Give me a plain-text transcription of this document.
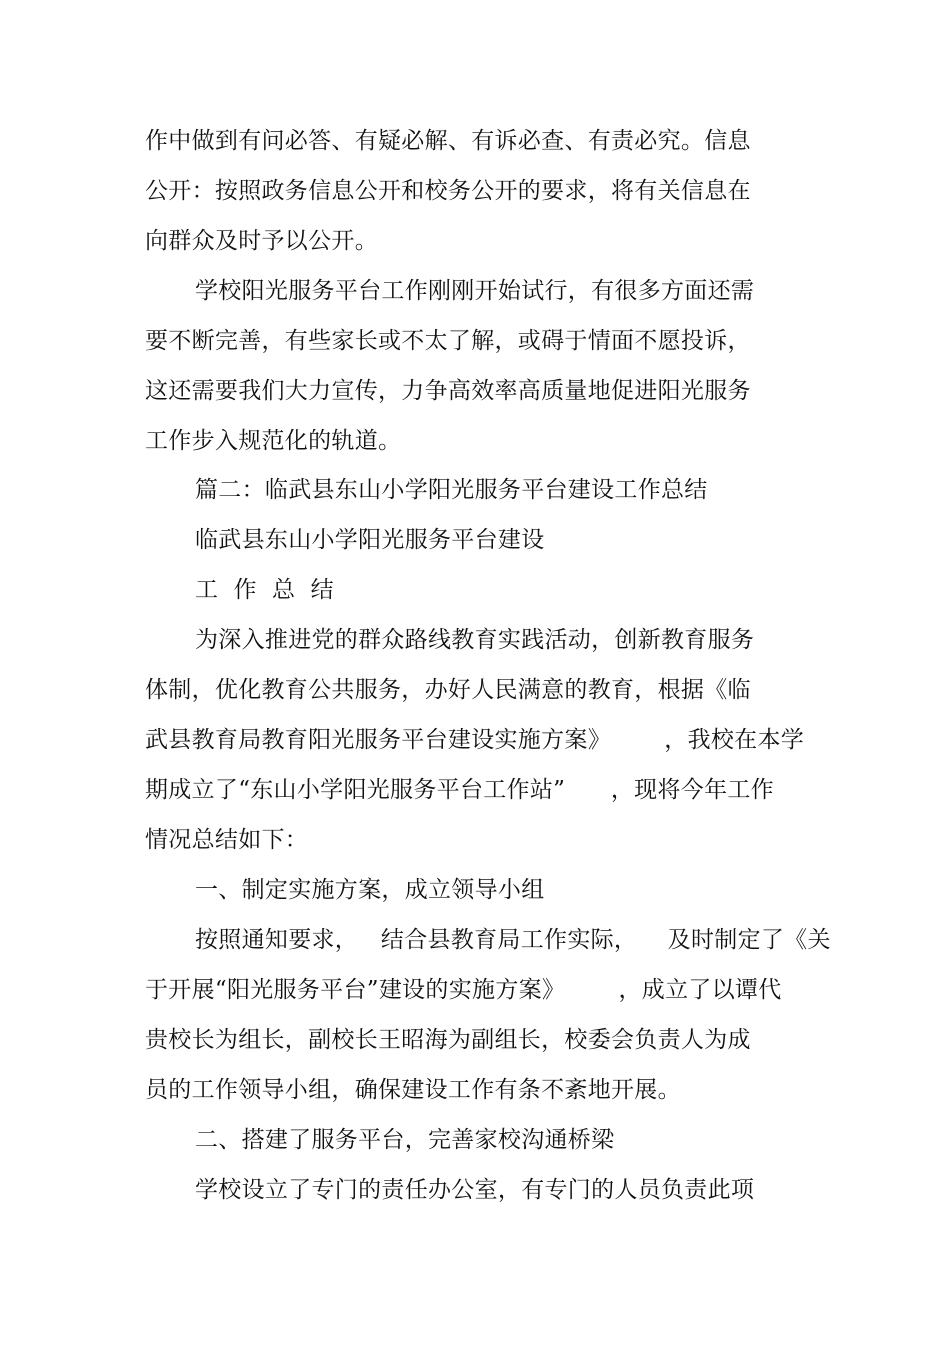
作中做到有问必答、有疑必解、有诉必查、有责必究。信息
公开：按照政务信息公开和校务公开的要求，将有关信息在
向群众及时予以公开。
学校阳光服务平台工作刚刚开始试行，有很多方面还需
要不断完善，有些家长或不太了解，或碍于情面不愿投诉，
这还需要我们大力宣传，力争高效率高质量地促进阳光服务
工作步入规范化的轨道。
篇二：临武县东山小学阳光服务平台建设工作总结
临武县东山小学阳光服务平台建设
工  作  总  结
为深入推进党的群众路线教育实践活动，创新教育服务
体制，优化教育公共服务，办好人民满意的教育，根据《临
武县教育局教育阳光服务平台建设实施方案》       ，我校在本学
期成立了“东山小学阳光服务平台工作站”      ，现将今年工作
情况总结如下：
一、制定实施方案，成立领导小组
按照通知要求，   结合县教育局工作实际，    及时制定了《关
于开展“阳光服务平台”建设的实施方案》       ，成立了以谭代
贵校长为组长，副校长王昭海为副组长，校委会负责人为成
员的工作领导小组，确保建设工作有条不紊地开展。
二、搭建了服务平台，完善家校沟通桥梁
学校设立了专门的责任办公室，有专门的人员负责此项
